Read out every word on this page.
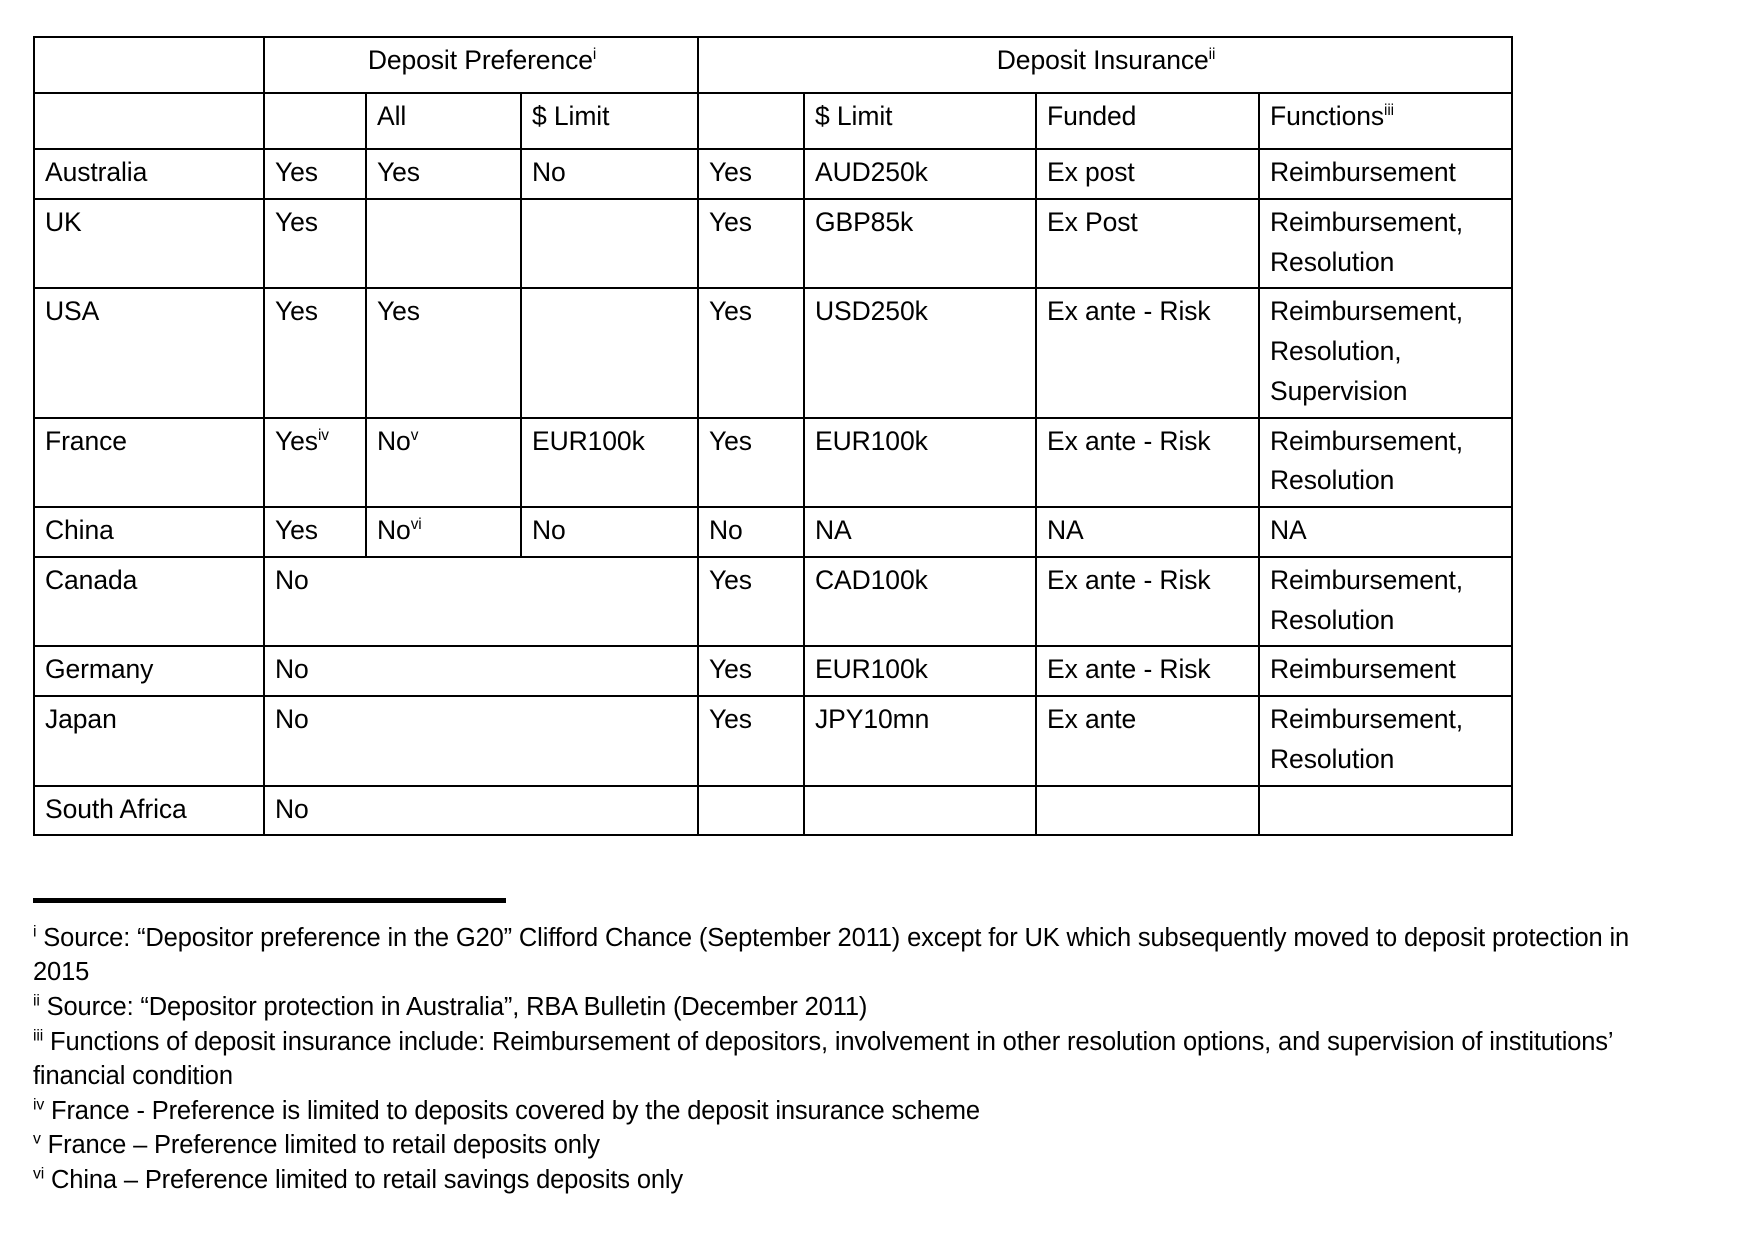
	Deposit Preference$^i$			Deposit Insurance$^{ii}$
		All	$ Limit		$ Limit	Funded	Functions$^{iii}$
Australia	Yes	Yes	No	Yes	AUD250k	Ex post	Reimbursement
UK	Yes			Yes	GBP85k	Ex Post	Reimbursement, Resolution
USA	Yes	Yes		Yes	USD250k	Ex ante - Risk	Reimbursement, Resolution, Supervision
France	Yes$^{iv}$	No$^v$	EUR100k	Yes	EUR100k	Ex ante - Risk	Reimbursement, Resolution
China	Yes	No$^{vi}$	No	No	NA	NA	NA
Canada	No			Yes	CAD100k	Ex ante - Risk	Reimbursement, Resolution
Germany	No			Yes	EUR100k	Ex ante - Risk	Reimbursement
Japan	No			Yes	JPY10mn	Ex ante	Reimbursement, Resolution
South Africa	No						

$^i$ Source: “Depositor preference in the G20” Clifford Chance (September 2011) except for UK which subsequently moved to deposit protection in 2015

$^{ii}$ Source: “Depositor protection in Australia”, RBA Bulletin (December 2011)

$^{iii}$ Functions of deposit insurance include: Reimbursement of depositors, involvement in other resolution options, and supervision of institutions’ financial condition

$^{iv}$ France - Preference is limited to deposits covered by the deposit insurance scheme

$^v$ France – Preference limited to retail deposits only

$^{vi}$ China – Preference limited to retail savings deposits only
